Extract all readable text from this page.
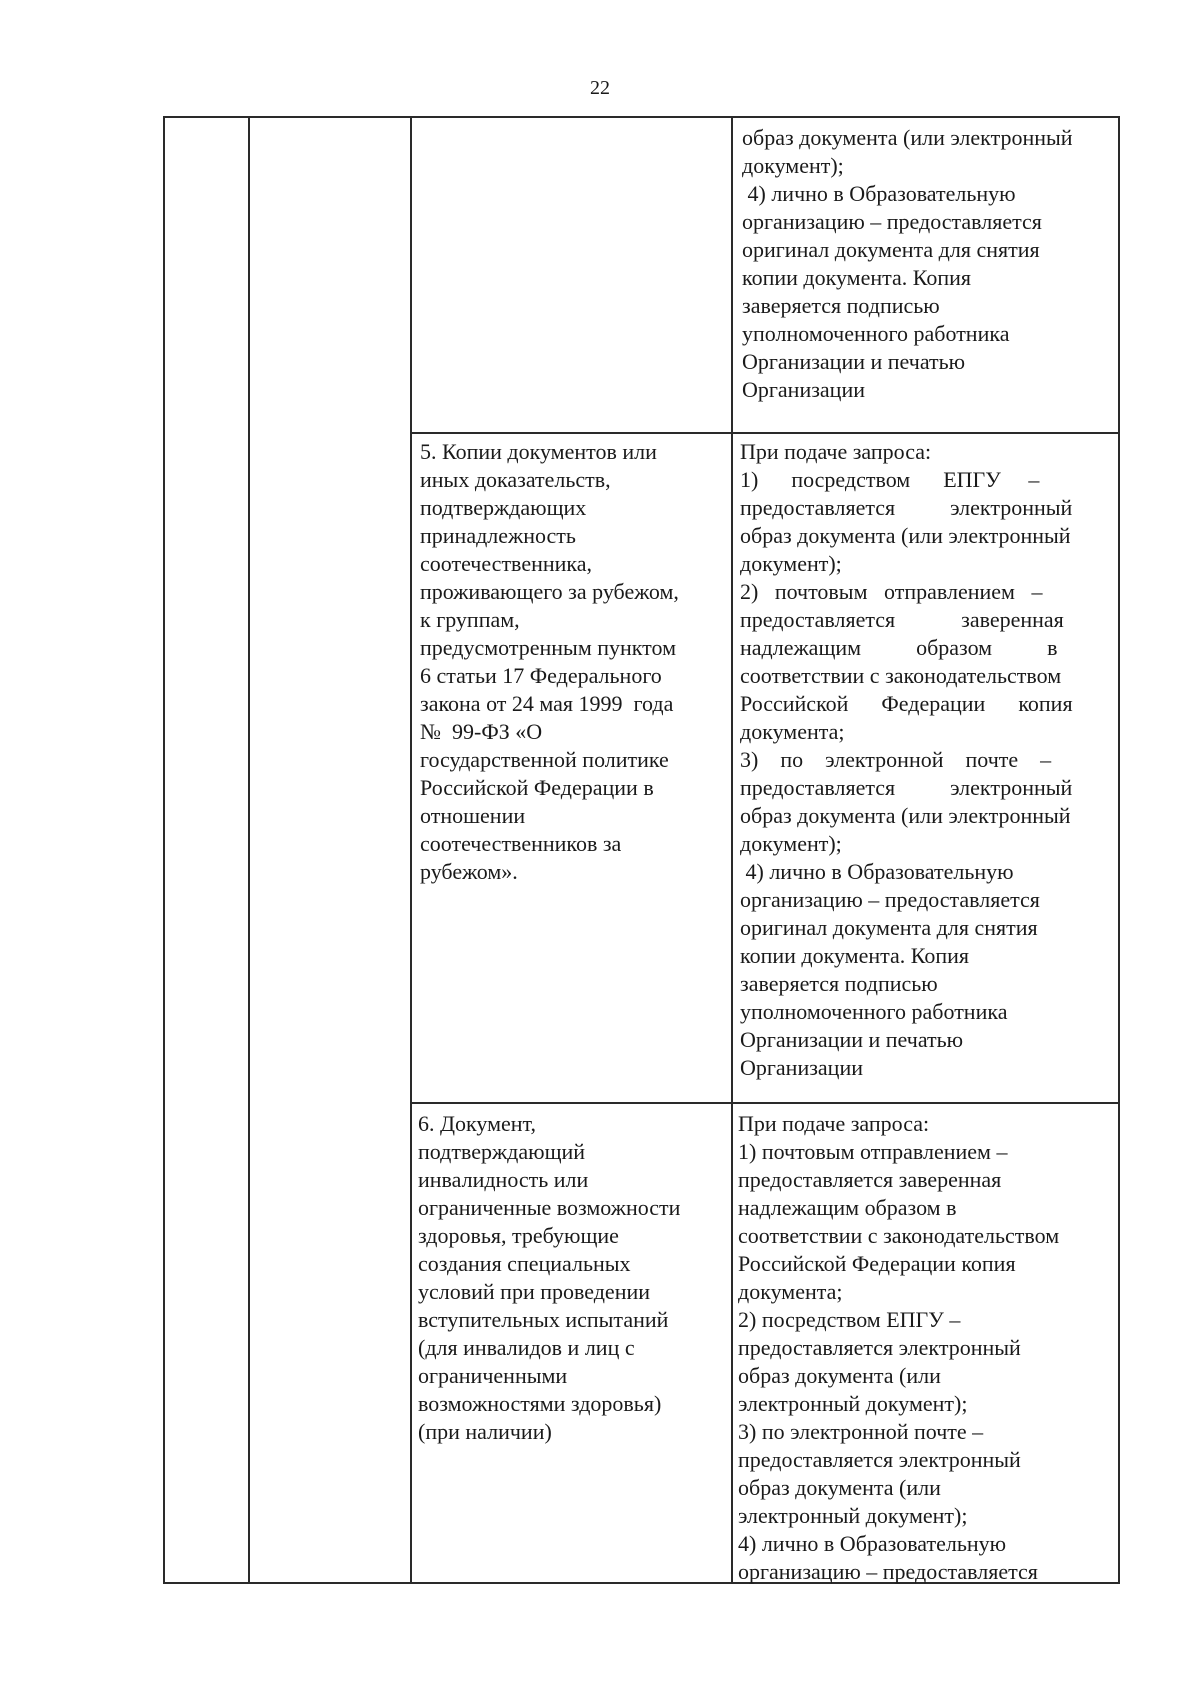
22

образ документа (или электронный

документ);

4) лично в Образовательную

организацию – предоставляется

оригинал документа для снятия

копии документа. Копия

заверяется подписью

уполномоченного работника

Организации и печатью

Организации

5. Копии документов или

иных доказательств,

подтверждающих

принадлежность

соотечественника,

проживающего за рубежом,

к группам,

предусмотренным пунктом

6 статьи 17 Федерального

закона от 24 мая 1999  года

№  99-ФЗ «О

государственной политике

Российской Федерации в

отношении

соотечественников за

рубежом».

При подаче запроса:

1)      посредством      ЕПГУ     –

предоставляется          электронный

образ документа (или электронный

документ);

2)   почтовым   отправлением   –

предоставляется            заверенная

надлежащим          образом          в

соответствии с законодательством

Российской      Федерации      копия

документа;

3)    по    электронной    почте    –

предоставляется          электронный

образ документа (или электронный

документ);

4) лично в Образовательную

организацию – предоставляется

оригинал документа для снятия

копии документа. Копия

заверяется подписью

уполномоченного работника

Организации и печатью

Организации

6. Документ,

подтверждающий

инвалидность или

ограниченные возможности

здоровья, требующие

создания специальных

условий при проведении

вступительных испытаний

(для инвалидов и лиц с

ограниченными

возможностями здоровья)

(при наличии)

При подаче запроса:

1) почтовым отправлением –

предоставляется заверенная

надлежащим образом в

соответствии с законодательством

Российской Федерации копия

документа;

2) посредством ЕПГУ –

предоставляется электронный

образ документа (или

электронный документ);

3) по электронной почте –

предоставляется электронный

образ документа (или

электронный документ);

4) лично в Образовательную

организацию – предоставляется
